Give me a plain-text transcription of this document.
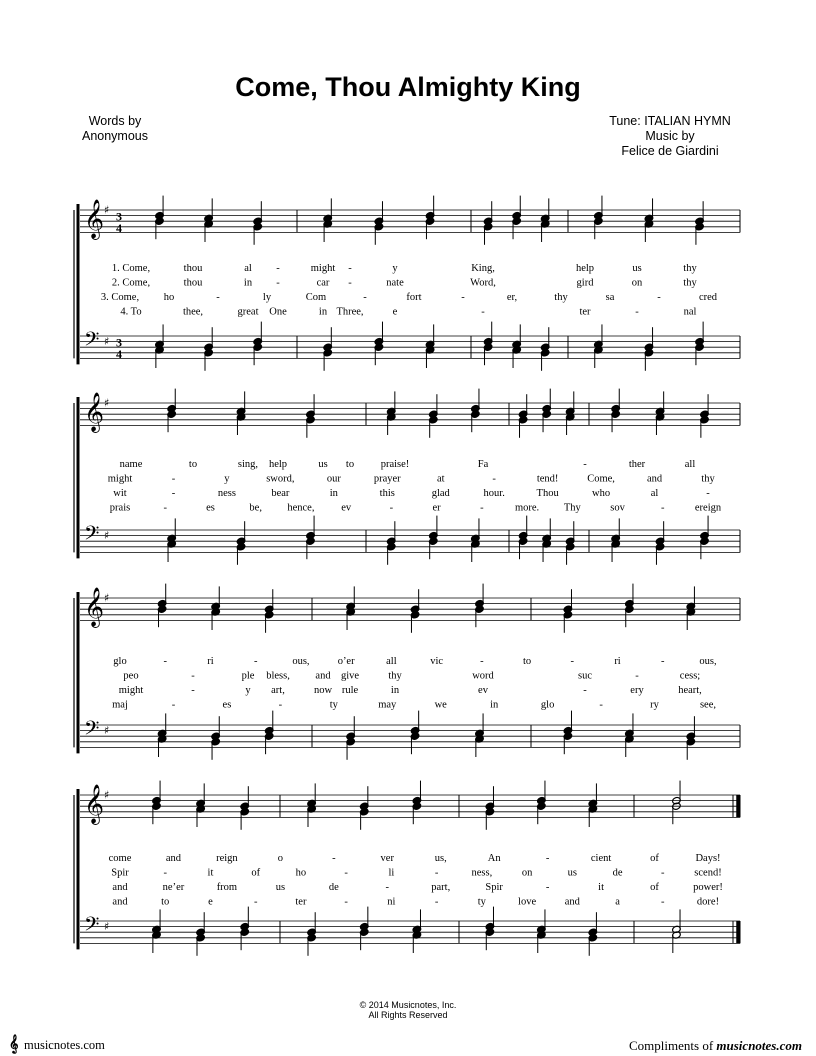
Come, Thou Almighty King
Words by
Anonymous
Tune: ITALIAN HYMN
Music by
Felice de Giardini
𝄞 ♯ 3
4
𝄢 ♯ 3
4
1. Come,	thou	al -	might -	y	King,	help	us	thy
2. Come,	thou	in -	car -	nate	Word,	gird	on	thy
3. Come, ho	-	ly	Com	-	fort	-	er,	thy	sa	-	cred
4. To	thee,	great One	in Three,	e	-	ter	-	nal
𝄞 ♯
𝄢 ♯
name	to	sing, help	us to	praise!	Fa	-	ther	all
might	-	y	sword,	our	prayer	at	-	tend!	Come,	and	thy
wit	-	ness	bear	in	this	glad	hour.	Thou	who	al	-
prais	-	es	be, hence,	ev	-	er	-	more. Thy	sov	-	ereign
𝄞 ♯
𝄢 ♯
glo	-	ri	-	ous,	o’er	all	vic	-	to	-	ri	-	ous,
peo	-	ple bless, and give	thy	word	suc	-	cess;
might	-	y art,	now rule	in	ev	-	ery	heart,
maj	-	es	-	ty	may	we	in	glo	-	ry	see,
𝄞 ♯
𝄢 ♯
come	and	reign	o	-	ver	us,	An	-	cient	of	Days!
Spir	-	it	of	ho	-	li	-	ness,	on	us	de	-	scend!
and	ne’er	from	us	de	-	part,	Spir	-	it	of	power!
and	to	e	-	ter	-	ni	-	ty	love	and	a	-	dore!
© 2014 Musicnotes, Inc.
All Rights Reserved
𝄞 musicnotes.com	Compliments of musicnotes.com
